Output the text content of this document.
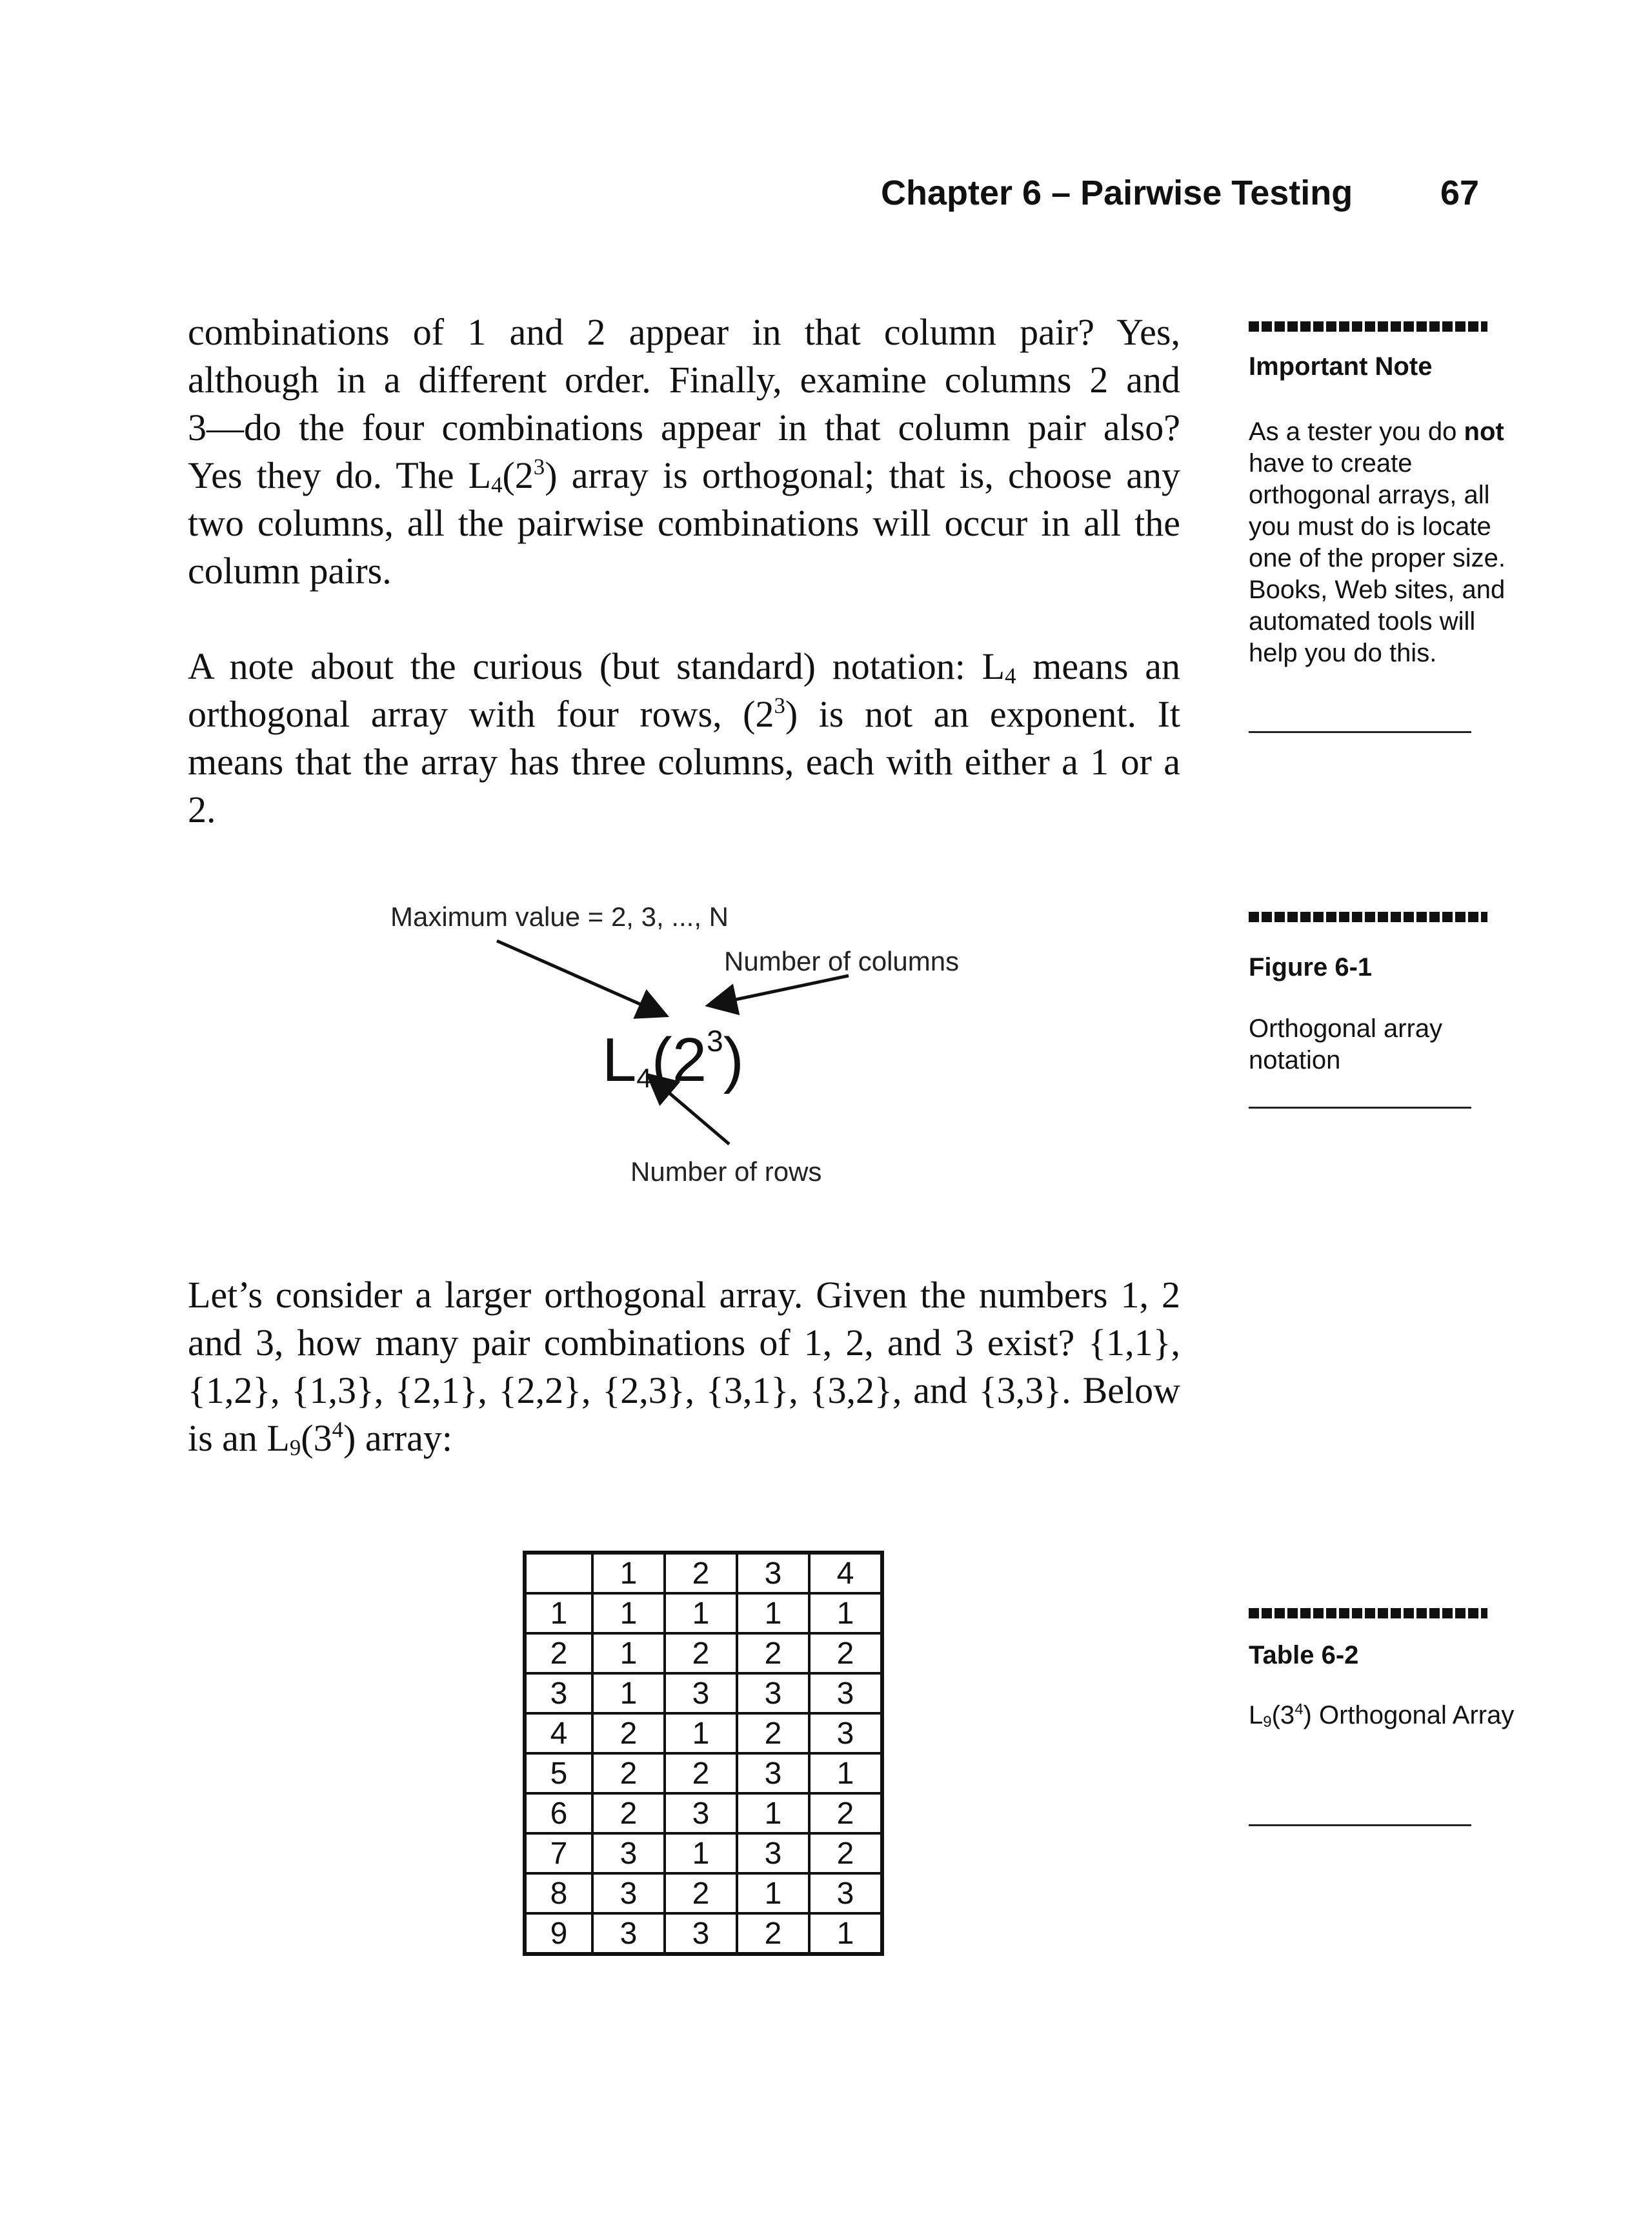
Chapter 6 – Pairwise Testing	67
combinations of 1 and 2 appear in that column pair? Yes,
although in a different order. Finally, examine columns 2 and
3—do the four combinations appear in that column pair also?
Yes they do. The $L_4(2^3)$ array is orthogonal; that is, choose any
two columns, all the pairwise combinations will occur in all the
column pairs.
A note about the curious (but standard) notation: $L_4$ means an
orthogonal array with four rows, $(2^3)$ is not an exponent. It
means that the array has three columns, each with either a 1 or a
2.
Maximum value = 2, 3, ..., N
Number of columns
Number of rows
$L4(2^3)$
Let’s consider a larger orthogonal array. Given the numbers 1, 2
and 3, how many pair combinations of 1, 2, and 3 exist? {1,1},
{1,2}, {1,3}, {2,1}, {2,2}, {2,3}, {3,1}, {3,2}, and {3,3}. Below
is an $L_9(3^4)$ array:
	1	2	3	4
1	1	1	1	1
2	1	2	2	2
3	1	3	3	3
4	2	1	2	3
5	2	2	3	1
6	2	3	1	2
7	3	1	3	2
8	3	2	1	3
9	3	3	2	1
Important Note
As a tester you do not have to create orthogonal arrays, all you must do is locate one of the proper size. Books, Web sites, and automated tools will help you do this.
Figure 6-1
Orthogonal array notation
Table 6-2
$L_9(3^4)$ Orthogonal Array
